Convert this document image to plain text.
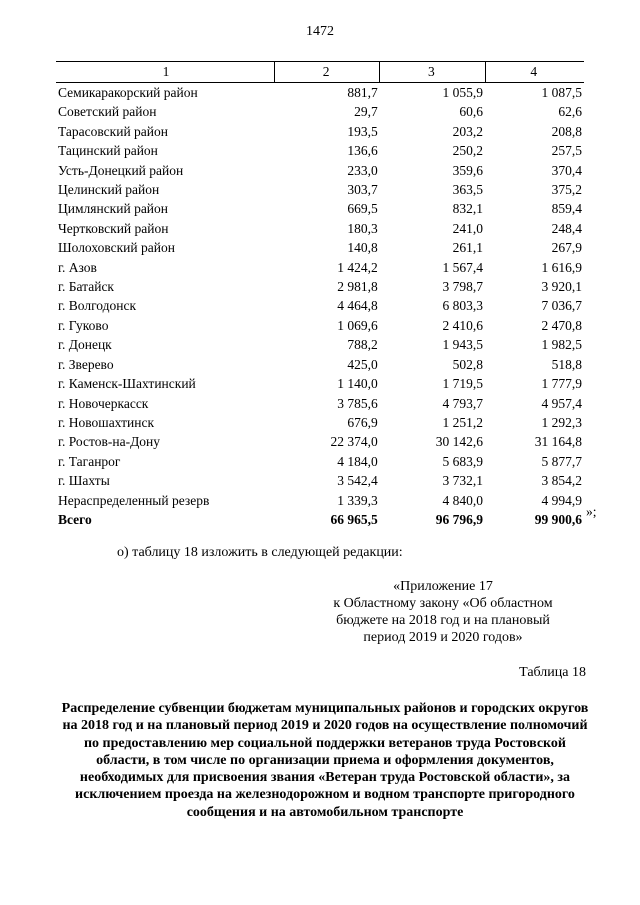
1472
1	2	3	4
Семикаракорский район	881,7	1 055,9	1 087,5
Советский район	29,7	60,6	62,6
Тарасовский район	193,5	203,2	208,8
Тацинский район	136,6	250,2	257,5
Усть-Донецкий район	233,0	359,6	370,4
Целинский район	303,7	363,5	375,2
Цимлянский район	669,5	832,1	859,4
Чертковский район	180,3	241,0	248,4
Шолоховский район	140,8	261,1	267,9
г. Азов	1 424,2	1 567,4	1 616,9
г. Батайск	2 981,8	3 798,7	3 920,1
г. Волгодонск	4 464,8	6 803,3	7 036,7
г. Гуково	1 069,6	2 410,6	2 470,8
г. Донецк	788,2	1 943,5	1 982,5
г. Зверево	425,0	502,8	518,8
г. Каменск-Шахтинский	1 140,0	1 719,5	1 777,9
г. Новочеркасск	3 785,6	4 793,7	4 957,4
г. Новошахтинск	676,9	1 251,2	1 292,3
г. Ростов-на-Дону	22 374,0	30 142,6	31 164,8
г. Таганрог	4 184,0	5 683,9	5 877,7
г. Шахты	3 542,4	3 732,1	3 854,2
Нераспределенный резерв	1 339,3	4 840,0	4 994,9
Всего	66 965,5	96 796,9	99 900,6
»;
о) таблицу 18 изложить в следующей редакции:
«Приложение 17
к Областному закону «Об областном
бюджете на 2018 год и на плановый
период 2019 и 2020 годов»
Таблица 18
Распределение субвенции бюджетам муниципальных районов и городских округов на 2018 год и на плановый период 2019 и 2020 годов на осуществление полномочий по предоставлению мер социальной поддержки ветеранов труда Ростовской области, в том числе по организации приема и оформления документов, необходимых для присвоения звания «Ветеран труда Ростовской области», за исключением проезда на железнодорожном и водном транспорте пригородного сообщения и на автомобильном транспорте
